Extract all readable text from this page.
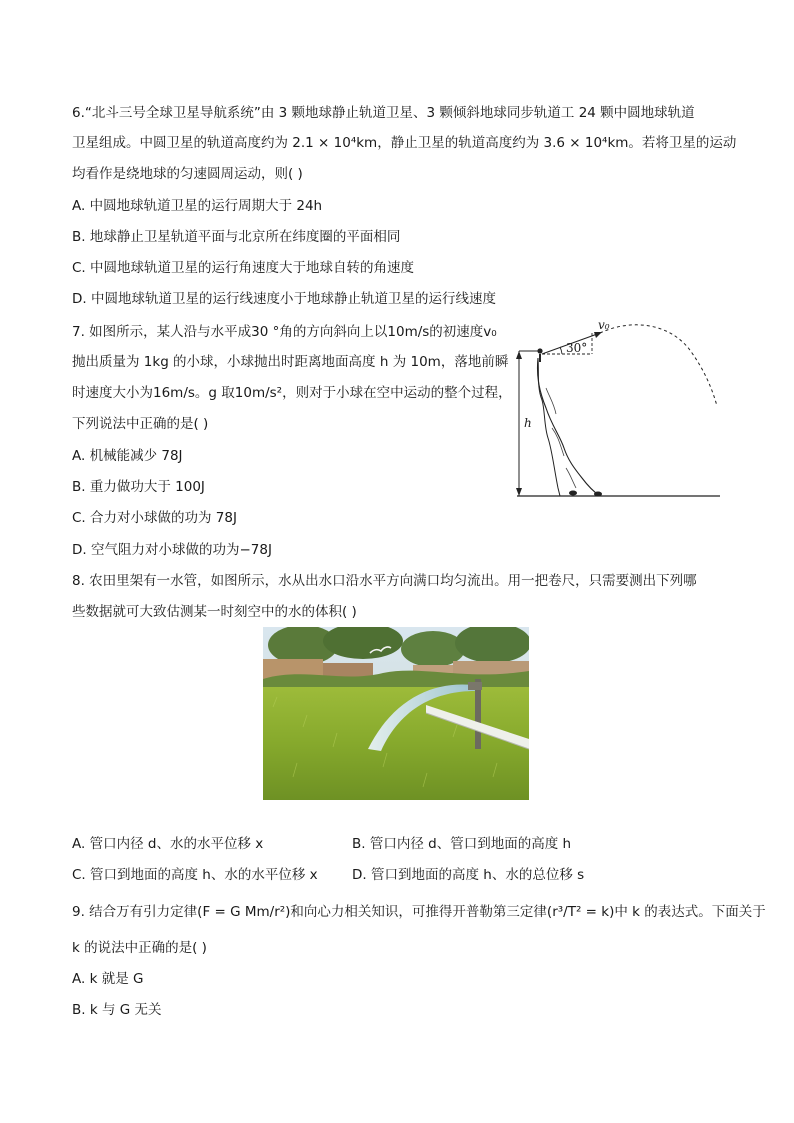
6.“北斗三号全球卫星导航系统”由 3 颗地球静止轨道卫星、3 颗倾斜地球同步轨道工 24 颗中圆地球轨道
卫星组成。中圆卫星的轨道高度约为 2.1 × 10⁴km，静止卫星的轨道高度约为 3.6 × 10⁴km。若将卫星的运动
均看作是绕地球的匀速圆周运动，则( )
A. 中圆地球轨道卫星的运行周期大于 24h
B. 地球静止卫星轨道平面与北京所在纬度圈的平面相同
C. 中圆地球轨道卫星的运行角速度大于地球自转的角速度
D. 中圆地球轨道卫星的运行线速度小于地球静止轨道卫星的运行线速度
7. 如图所示，某人沿与水平成30 °角的方向斜向上以10m/s的初速度v₀
抛出质量为 1kg 的小球，小球抛出时距离地面高度 h 为 10m，落地前瞬
时速度大小为16m/s。g 取10m/s²，则对于小球在空中运动的整个过程，
下列说法中正确的是( )
A. 机械能减少 78J
B. 重力做功大于 100J
C. 合力对小球做的功为 78J
D. 空气阻力对小球做的功为−78J
v₀
30°
h
8. 农田里架有一水管，如图所示，水从出水口沿水平方向满口均匀流出。用一把卷尺，只需要测出下列哪
些数据就可大致估测某一时刻空中的水的体积( )
A. 管口内径 d、水的水平位移 x	B. 管口内径 d、管口到地面的高度 h
C. 管口到地面的高度 h、水的水平位移 x	D. 管口到地面的高度 h、水的总位移 s
9. 结合万有引力定律(F = G Mm/r²)和向心力相关知识，可推得开普勒第三定律(r³/T² = k)中 k 的表达式。下面关于
k 的说法中正确的是( )
A. k 就是 G
B. k 与 G 无关
